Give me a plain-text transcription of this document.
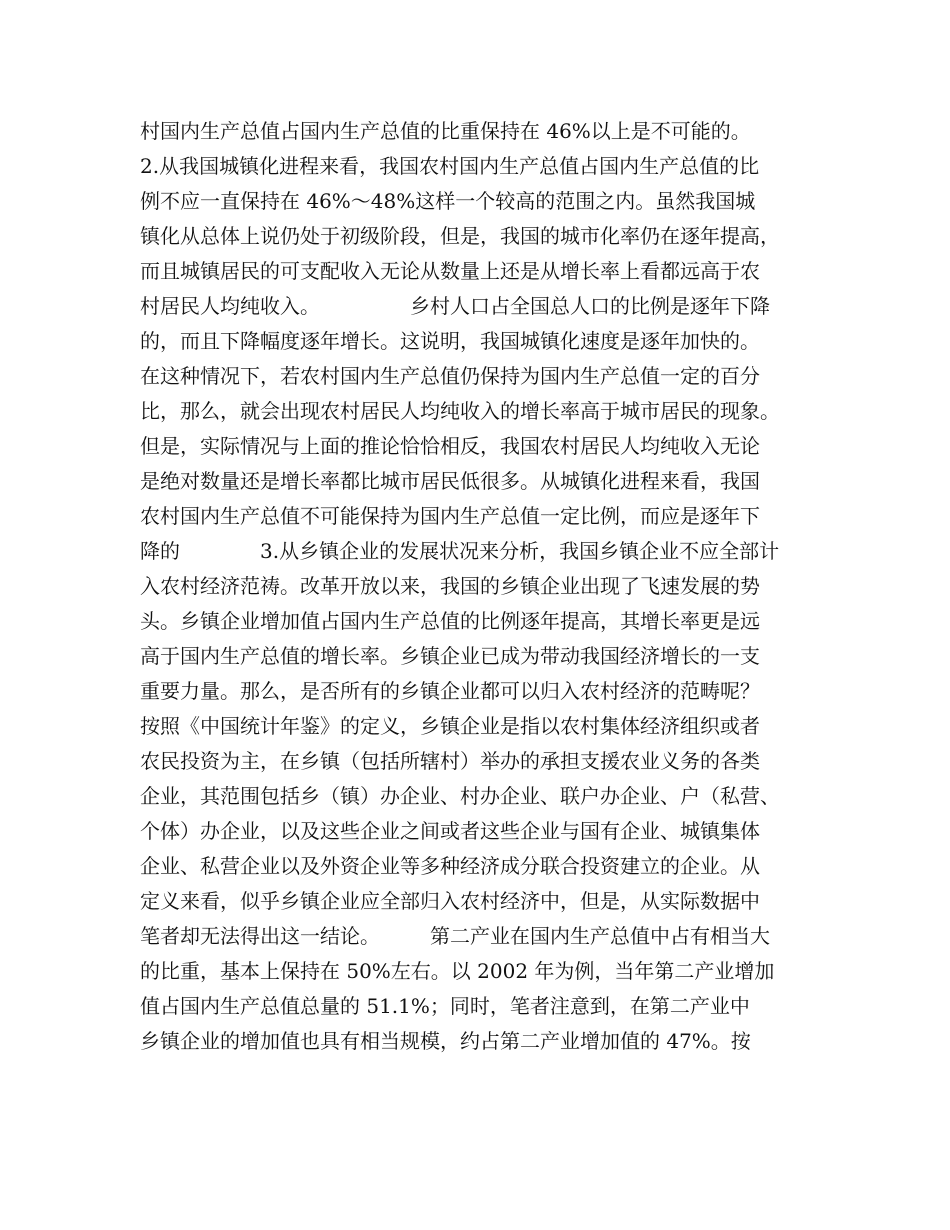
村国内生产总值占国内生产总值的比重保持在 46%以上是不可能的。
2.从我国城镇化进程来看，我国农村国内生产总值占国内生产总值的比
例不应一直保持在 46%～48%这样一个较高的范围之内。虽然我国城
镇化从总体上说仍处于初级阶段，但是，我国的城市化率仍在逐年提高，
而且城镇居民的可支配收入无论从数量上还是从增长率上看都远高于农
村居民人均纯收入。　　　　　乡村人口占全国总人口的比例是逐年下降
的，而且下降幅度逐年增长。这说明，我国城镇化速度是逐年加快的。
在这种情况下，若农村国内生产总值仍保持为国内生产总值一定的百分
比，那么，就会出现农村居民人均纯收入的增长率高于城市居民的现象。
但是，实际情况与上面的推论恰恰相反，我国农村居民人均纯收入无论
是绝对数量还是增长率都比城市居民低很多。从城镇化进程来看，我国
农村国内生产总值不可能保持为国内生产总值一定比例，而应是逐年下
降的　　　　3.从乡镇企业的发展状况来分析，我国乡镇企业不应全部计
入农村经济范祷。改革开放以来，我国的乡镇企业出现了飞速发展的势
头。乡镇企业增加值占国内生产总值的比例逐年提高，其增长率更是远
高于国内生产总值的增长率。乡镇企业已成为带动我国经济增长的一支
重要力量。那么，是否所有的乡镇企业都可以归入农村经济的范畴呢？
按照《中国统计年鉴》的定义，乡镇企业是指以农村集体经济组织或者
农民投资为主，在乡镇（包括所辖村）举办的承担支援农业义务的各类
企业，其范围包括乡（镇）办企业、村办企业、联户办企业、户（私营、
个体）办企业，以及这些企业之间或者这些企业与国有企业、城镇集体
企业、私营企业以及外资企业等多种经济成分联合投资建立的企业。从
定义来看，似乎乡镇企业应全部归入农村经济中，但是，从实际数据中
笔者却无法得出这一结论。　　　第二产业在国内生产总值中占有相当大
的比重，基本上保持在 50%左右。以 2002 年为例，当年第二产业增加
值占国内生产总值总量的 51.1%；同时，笔者注意到，在第二产业中
乡镇企业的增加值也具有相当规模，约占第二产业增加值的 47%。按
